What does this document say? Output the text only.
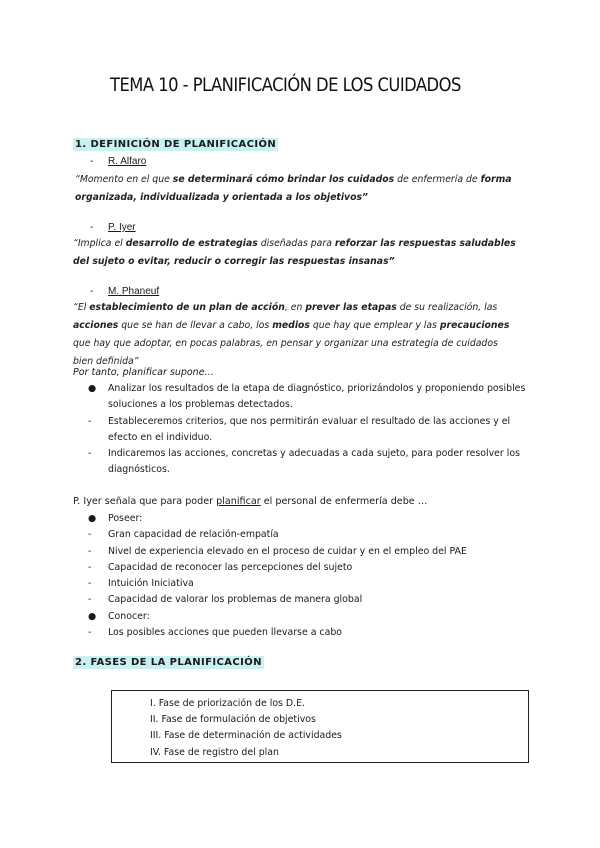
TEMA 10 - PLANIFICACIÓN DE LOS CUIDADOS
1. DEFINICIÓN DE PLANIFICACIÓN
- R. Alfaro
“Momento en el que se determinará cómo brindar los cuidados de enfermería de forma organizada, individualizada y orientada a los objetivos”
- P. Iyer
“Implica el desarrollo de estrategias diseñadas para reforzar las respuestas saludables del sujeto o evitar, reducir o corregir las respuestas insanas”
- M. Phaneuf
“El establecimiento de un plan de acción, en prever las etapas de su realización, las acciones que se han de llevar a cabo, los medios que hay que emplear y las precauciones que hay que adoptar, en pocas palabras, en pensar y organizar una estrategia de cuidados bien definida”
Por tanto, planificar supone…
●	Analizar los resultados de la etapa de diagnóstico, priorizándolos y proponiendo posibles soluciones a los problemas detectados.
-	Estableceremos criterios, que nos permitirán evaluar el resultado de las acciones y el efecto en el individuo.
-	Indicaremos las acciones, concretas y adecuadas a cada sujeto, para poder resolver los diagnósticos.
P. Iyer señala que para poder planificar el personal de enfermería debe …
●	Poseer:
-	Gran capacidad de relación-empatía
-	Nivel de experiencia elevado en el proceso de cuidar y en el empleo del PAE
-	Capacidad de reconocer las percepciones del sujeto
-	Intuición Iniciativa
-	Capacidad de valorar los problemas de manera global
●	Conocer:
-	Los posibles acciones que pueden llevarse a cabo
2. FASES DE LA PLANIFICACIÓN
I. Fase de priorización de los D.E.
II. Fase de formulación de objetivos
III. Fase de determinación de actividades
IV. Fase de registro del plan
